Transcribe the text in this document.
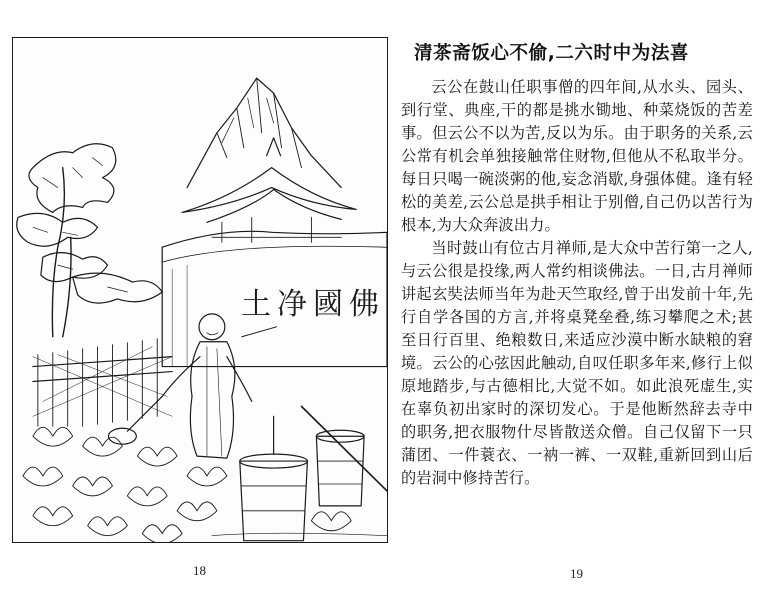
土净國佛
18
清茶斋饭心不偷,二六时中为法喜

云公在鼓山任职事僧的四年间,从水头、园头、到行堂、典座,干的都是挑水锄地、种菜烧饭的苦差事。但云公不以为苦,反以为乐。由于职务的关系,云公常有机会单独接触常住财物,但他从不私取半分。每日只喝一碗淡粥的他,妄念消歇,身强体健。逢有轻松的美差,云公总是拱手相让于别僧,自己仍以苦行为根本,为大众奔波出力。

当时鼓山有位古月禅师,是大众中苦行第一之人,与云公很是投缘,两人常约相谈佛法。一日,古月禅师讲起玄奘法师当年为赴天竺取经,曾于出发前十年,先行自学各国的方言,并将桌凳垒叠,练习攀爬之术;甚至日行百里、绝粮数日,来适应沙漠中断水缺粮的窘境。云公的心弦因此触动,自叹任职多年来,修行上似原地踏步,与古德相比,大觉不如。如此浪死虚生,实在辜负初出家时的深切发心。于是他断然辞去寺中的职务,把衣服物什尽皆散送众僧。自己仅留下一只蒲团、一件蓑衣、一衲一裤、一双鞋,重新回到山后的岩洞中修持苦行。

19
